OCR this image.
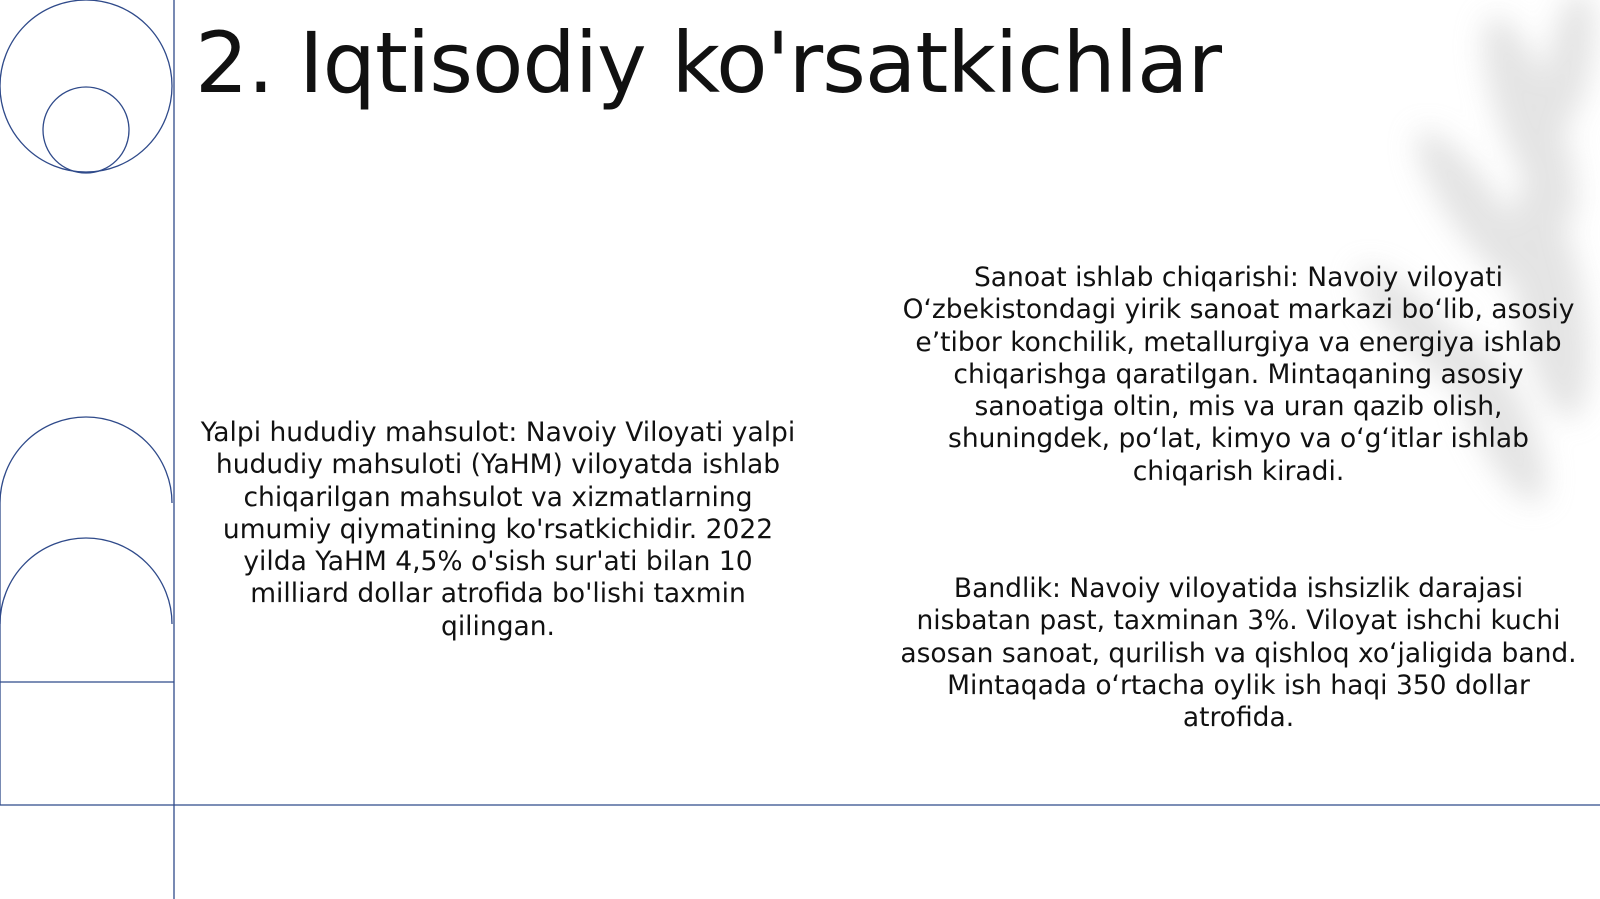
2. Iqtisodiy ko'rsatkichlar

Yalpi hududiy mahsulot: Navoiy Viloyati yalpi hududiy mahsuloti (YaHM) viloyatda ishlab chiqarilgan mahsulot va xizmatlarning umumiy qiymatining ko'rsatkichidir. 2022 yilda YaHM 4,5% o'sish sur'ati bilan 10 milliard dollar atrofida bo'lishi taxmin qilingan.

Sanoat ishlab chiqarishi: Navoiy viloyati O‘zbekistondagi yirik sanoat markazi bo‘lib, asosiy e’tibor konchilik, metallurgiya va energiya ishlab chiqarishga qaratilgan. Mintaqaning asosiy sanoatiga oltin, mis va uran qazib olish, shuningdek, po‘lat, kimyo va o‘g‘itlar ishlab chiqarish kiradi.

Bandlik: Navoiy viloyatida ishsizlik darajasi nisbatan past, taxminan 3%. Viloyat ishchi kuchi asosan sanoat, qurilish va qishloq xo‘jaligida band. Mintaqada o‘rtacha oylik ish haqi 350 dollar atrofida.
